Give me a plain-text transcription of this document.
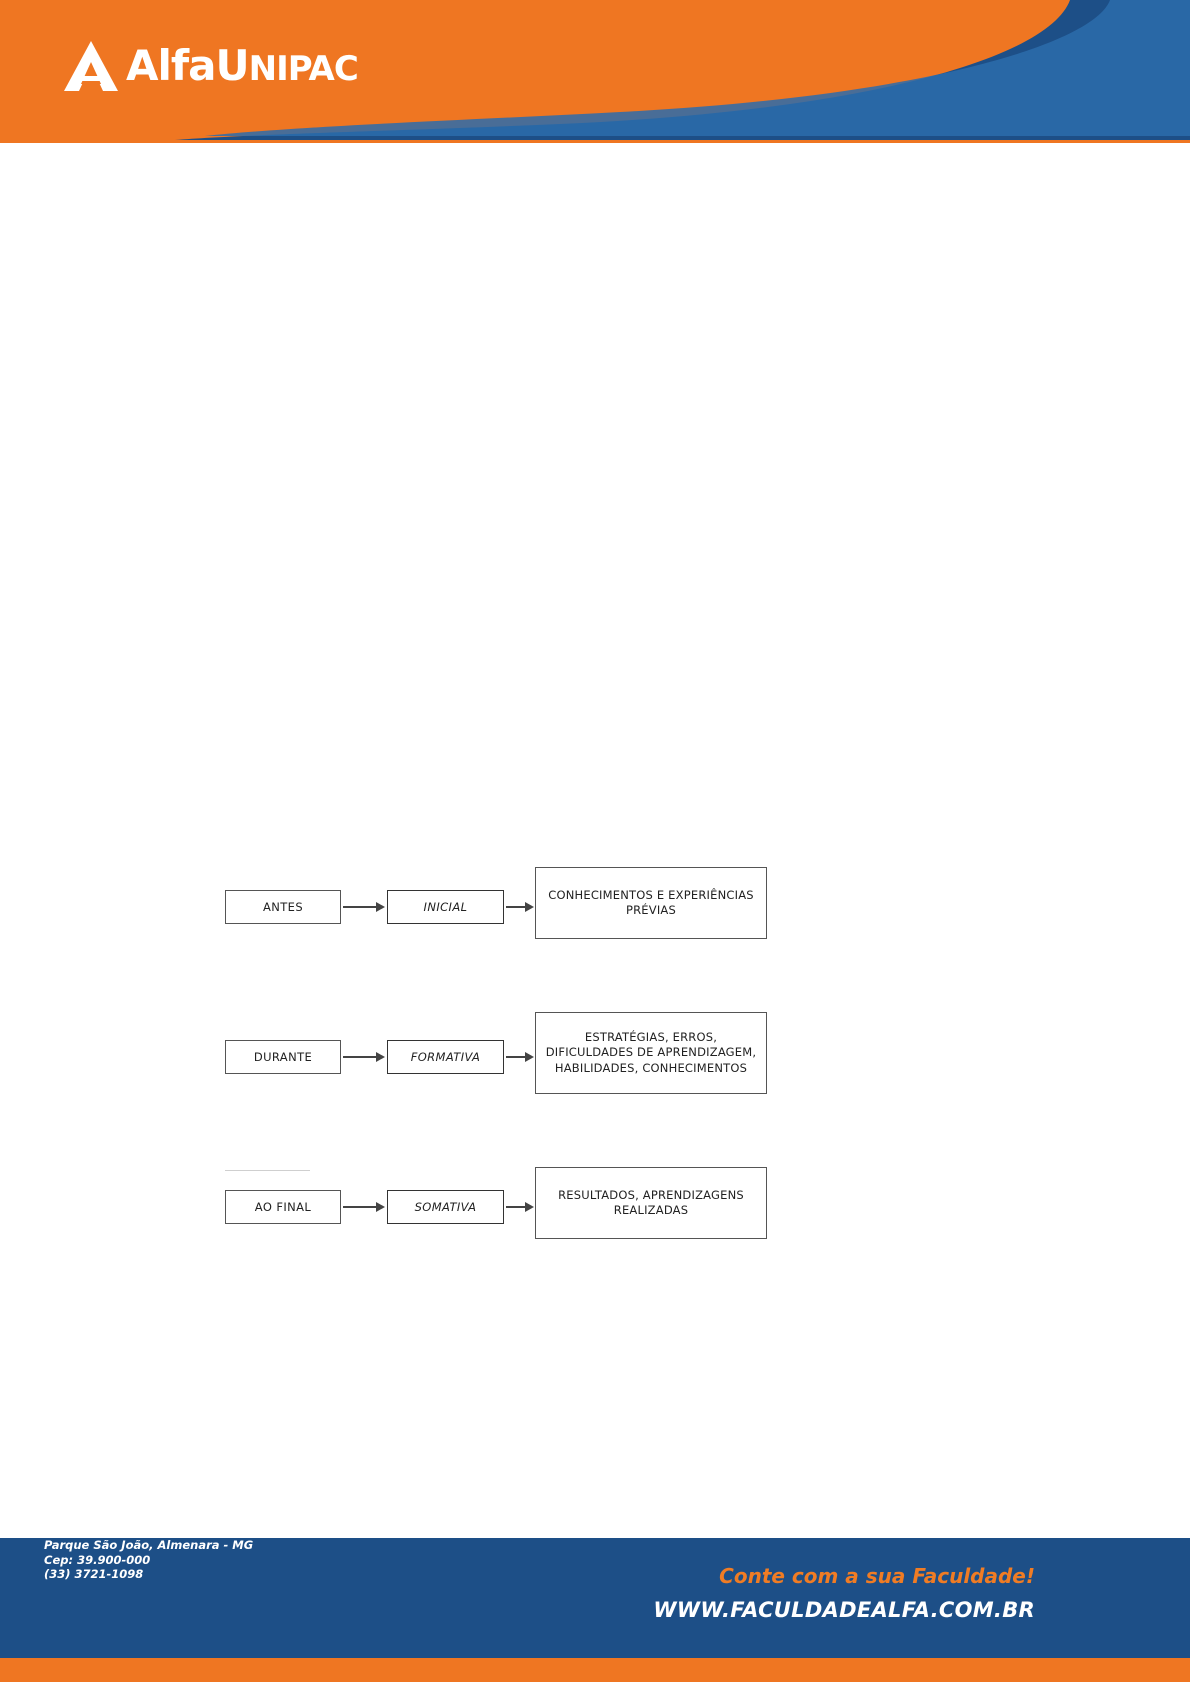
AlfaUNIPAC
ANTES	INICIAL
CONHECIMENTOS E EXPERIÊNCIAS PRÉVIAS
DURANTE	FORMATIVA
ESTRATÉGIAS, ERROS, DIFICULDADES DE APRENDIZAGEM, HABILIDADES, CONHECIMENTOS
AO FINAL	SOMATIVA
RESULTADOS, APRENDIZAGENS REALIZADAS
Alfa - Faculdade de Almenara
Rua Mário José de Souza, 11
Parque São João, Almenara - MG
Cep: 39.900-000
(33) 3721-1098	Conte com a sua Faculdade!
WWW.FACULDADEALFA.COM.BR
